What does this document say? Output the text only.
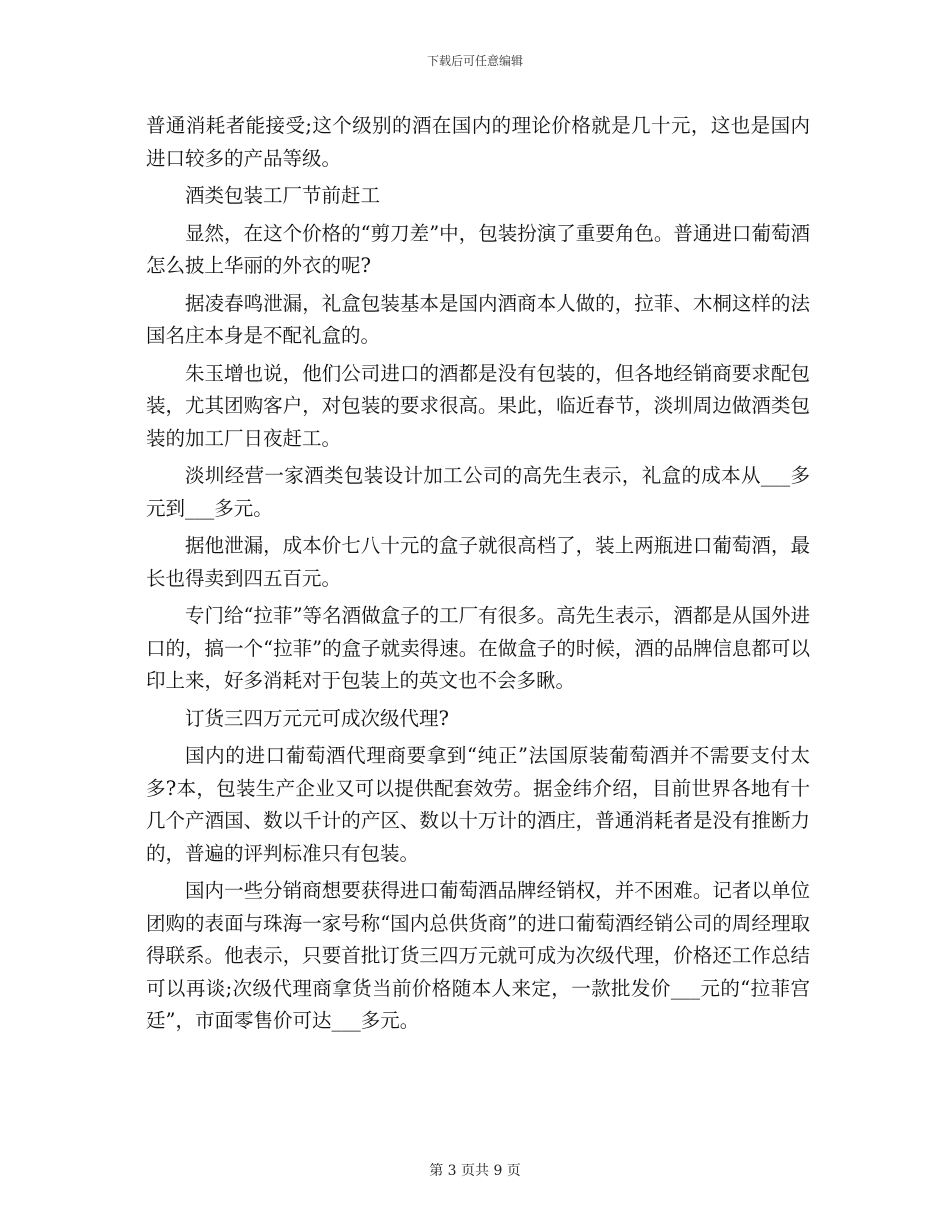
下载后可任意编辑

普通消耗者能接受;这个级别的酒在国内的理论价格就是几十元，这也是国内进口较多的产品等级。

酒类包装工厂节前赶工

显然，在这个价格的“剪刀差”中，包装扮演了重要角色。普通进口葡萄酒怎么披上华丽的外衣的呢?

据凌春鸣泄漏，礼盒包装基本是国内酒商本人做的，拉菲、木桐这样的法国名庄本身是不配礼盒的。

朱玉增也说，他们公司进口的酒都是没有包装的，但各地经销商要求配包装，尤其团购客户，对包装的要求很高。果此，临近春节，淡圳周边做酒类包装的加工厂日夜赶工。

淡圳经营一家酒类包装设计加工公司的高先生表示，礼盒的成本从___多元到___多元。

据他泄漏，成本价七八十元的盒子就很高档了，装上两瓶进口葡萄酒，最长也得卖到四五百元。

专门给“拉菲”等名酒做盒子的工厂有很多。高先生表示，酒都是从国外进口的，搞一个“拉菲”的盒子就卖得速。在做盒子的时候，酒的品牌信息都可以印上来，好多消耗对于包装上的英文也不会多瞅。

订货三四万元元可成次级代理?

国内的进口葡萄酒代理商要拿到“纯正”法国原装葡萄酒并不需要支付太多?本，包装生产企业又可以提供配套效劳。据金纬介绍，目前世界各地有十几个产酒国、数以千计的产区、数以十万计的酒庄，普通消耗者是没有推断力的，普遍的评判标准只有包装。

国内一些分销商想要获得进口葡萄酒品牌经销权，并不困难。记者以单位团购的表面与珠海一家号称“国内总供货商”的进口葡萄酒经销公司的周经理取得联系。他表示，只要首批订货三四万元就可成为次级代理，价格还工作总结可以再谈;次级代理商拿货当前价格随本人来定，一款批发价___元的“拉菲宫廷”，市面零售价可达___多元。

第 3 页共 9 页
